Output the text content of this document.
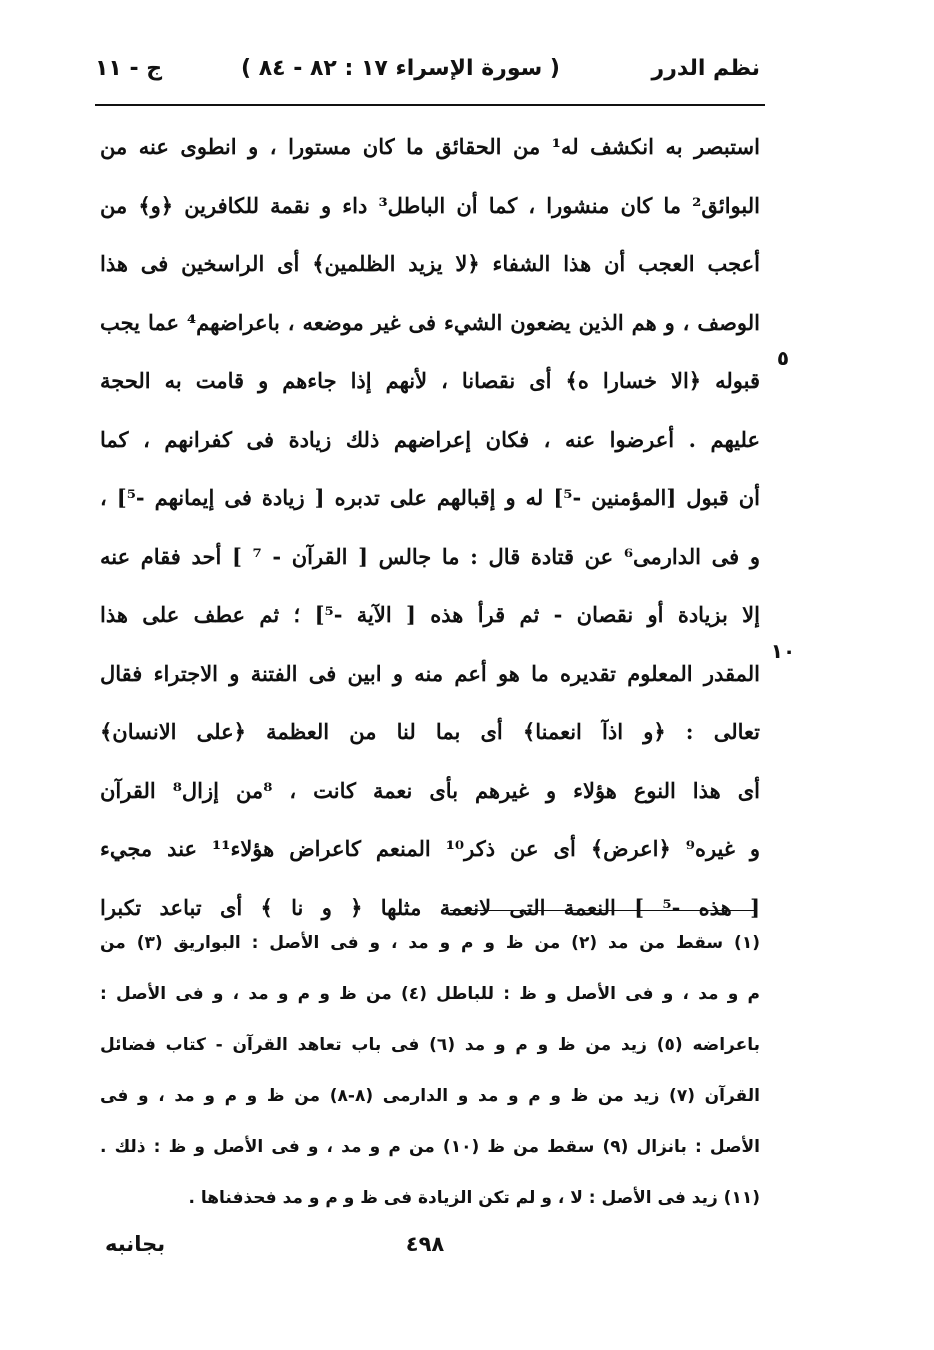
نظم الدرر
( سورة الإسراء ١٧ : ٨٢ - ٨٤ )
ج - ١١
٥
١٠
استبصر به انكشف له¹ من الحقائق ما كان مستورا ، و انطوى عنه من
البوائق² ما كان منشورا ، كما أن الباطل³ داء و نقمة للكافرين ﴿و﴾ من
أعجب العجب أن هذا الشفاء ﴿لا يزيد الظلمين﴾ أى الراسخين فى هذا
الوصف ، و هم الذين يضعون الشيء فى غير موضعه ، باعراضهم⁴ عما يجب
قبوله ﴿الا خسارا ه﴾ أى نقصانا ، لأنهم إذا جاءهم و قامت به الحجة
عليهم . أعرضوا عنه ، فكان إعراضهم ذلك زيادة فى كفرانهم ، كما
أن قبول [المؤمنين -⁵] له و إقبالهم على تدبره [ زيادة فى إيمانهم -⁵] ،
و فى الدارمى⁶ عن قتادة قال : ما جالس [ القرآن - ⁷ ] أحد فقام عنه
إلا بزيادة أو نقصان - ثم قرأ هذه [ الآية -⁵] ؛ ثم عطف على هذا
المقدر المعلوم تقديره ما هو أعم منه و ابين فى الفتنة و الاجتراء فقال
تعالى : ﴿و اذآ انعمنا﴾ أى بما لنا من العظمة ﴿على الانسان﴾
أى هذا النوع هؤلاء و غيرهم بأى نعمة كانت ، ⁸من إزال⁸ القرآن
و غيره⁹ ﴿اعرض﴾ أى عن ذكر¹⁰ المنعم كاعراض هؤلاء¹¹ عند مجيء
[ هذه -⁵ ] النعمة التى لانعمة مثلها ﴿ و نا ﴾ أى تباعد تكبرا
(١) سقط من مد (٢) من ظ و م و مد ، و فى الأصل : البواريق (٣) من
م و مد ، و فى الأصل و ظ : للباطل (٤) من ظ و م و مد ، و فى الأصل :
باعراضه (٥) زيد من ظ و م و مد (٦) فى باب تعاهد القرآن - كتاب فضائل
القرآن (٧) زيد من ظ و م و مد و الدارمى (٨-٨) من ظ و م و مد ، و فى
الأصل : بانزال (٩) سقط من ظ (١٠) من م و مد ، و فى الأصل و ظ : ذلك .
(١١) زيد فى الأصل : لا ، و لم تكن الزيادة فى ظ و م و مد فحذفناها .
٤٩٨
بجانبه
